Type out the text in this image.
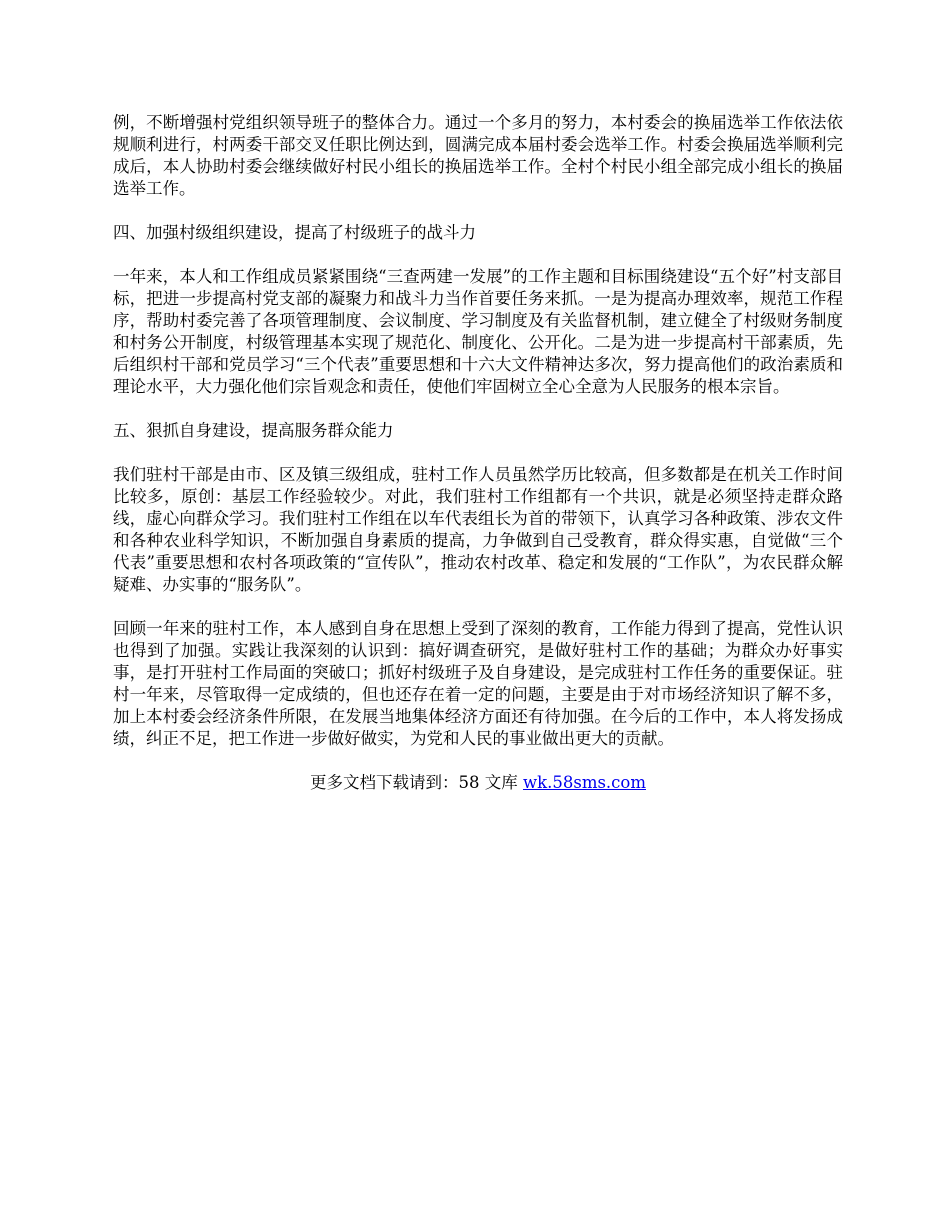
例，不断增强村党组织领导班子的整体合力。通过一个多月的努力，本村委会的换届选举工作依法依规顺利进行，村两委干部交叉任职比例达到，圆满完成本届村委会选举工作。村委会换届选举顺利完成后，本人协助村委会继续做好村民小组长的换届选举工作。全村个村民小组全部完成小组长的换届选举工作。

四、加强村级组织建设，提高了村级班子的战斗力

一年来，本人和工作组成员紧紧围绕“三查两建一发展”的工作主题和目标围绕建设“五个好”村支部目标，把进一步提高村党支部的凝聚力和战斗力当作首要任务来抓。一是为提高办理效率，规范工作程序，帮助村委完善了各项管理制度、会议制度、学习制度及有关监督机制，建立健全了村级财务制度和村务公开制度，村级管理基本实现了规范化、制度化、公开化。二是为进一步提高村干部素质，先后组织村干部和党员学习“三个代表”重要思想和十六大文件精神达多次，努力提高他们的政治素质和理论水平，大力强化他们宗旨观念和责任，使他们牢固树立全心全意为人民服务的根本宗旨。

五、狠抓自身建设，提高服务群众能力

我们驻村干部是由市、区及镇三级组成，驻村工作人员虽然学历比较高，但多数都是在机关工作时间比较多，原创：基层工作经验较少。对此，我们驻村工作组都有一个共识，就是必须坚持走群众路线，虚心向群众学习。我们驻村工作组在以车代表组长为首的带领下，认真学习各种政策、涉农文件和各种农业科学知识，不断加强自身素质的提高，力争做到自己受教育，群众得实惠，自觉做“三个代表”重要思想和农村各项政策的“宣传队”，推动农村改革、稳定和发展的“工作队”，为农民群众解疑难、办实事的“服务队”。

回顾一年来的驻村工作，本人感到自身在思想上受到了深刻的教育，工作能力得到了提高，党性认识也得到了加强。实践让我深刻的认识到：搞好调查研究，是做好驻村工作的基础；为群众办好事实事，是打开驻村工作局面的突破口；抓好村级班子及自身建设，是完成驻村工作任务的重要保证。驻村一年来，尽管取得一定成绩的，但也还存在着一定的问题，主要是由于对市场经济知识了解不多，加上本村委会经济条件所限，在发展当地集体经济方面还有待加强。在今后的工作中，本人将发扬成绩，纠正不足，把工作进一步做好做实，为党和人民的事业做出更大的贡献。

更多文档下载请到：58 文库 wk.58sms.com
